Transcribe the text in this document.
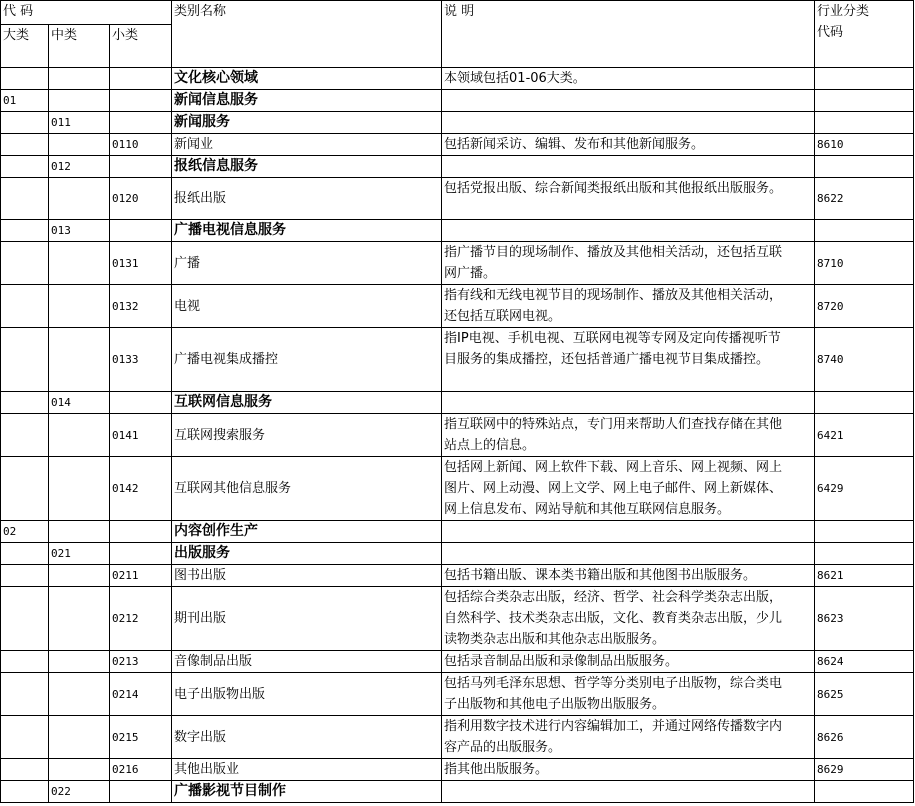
代 码			类别名称	说 明	行业分类
代码

大类	中类	小类			
			文化核心领域	本领域包括01-06大类。	

01			新闻信息服务		
	011		新闻服务		
		0110	新闻业	包括新闻采访、编辑、发布和其他新闻服务。	8610
	012		报纸信息服务		
		0120	报纸出版	包括党报出版、综合新闻类报纸出版和其他报纸出版服务。	8622
	013		广播电视信息服务		
		0131	广播	指广播节目的现场制作、播放及其他相关活动，还包括互联
网广播。	8710
		0132	电视	指有线和无线电视节目的现场制作、播放及其他相关活动，
还包括互联网电视。	8720
		0133	广播电视集成播控	指IP电视、手机电视、互联网电视等专网及定向传播视听节
目服务的集成播控，还包括普通广播电视节目集成播控。	8740
	014		互联网信息服务		
		0141	互联网搜索服务	指互联网中的特殊站点，专门用来帮助人们查找存储在其他
站点上的信息。	6421
		0142	互联网其他信息服务	包括网上新闻、网上软件下载、网上音乐、网上视频、网上
图片、网上动漫、网上文学、网上电子邮件、网上新媒体、
网上信息发布、网站导航和其他互联网信息服务。	6429
02			内容创作生产		
	021		出版服务		
		0211	图书出版	包括书籍出版、课本类书籍出版和其他图书出版服务。	8621
		0212	期刊出版	包括综合类杂志出版，经济、哲学、社会科学类杂志出版，
自然科学、技术类杂志出版，文化、教育类杂志出版，少儿
读物类杂志出版和其他杂志出版服务。	8623
		0213	音像制品出版	包括录音制品出版和录像制品出版服务。	8624
		0214	电子出版物出版	包括马列毛泽东思想、哲学等分类别电子出版物，综合类电
子出版物和其他电子出版物出版服务。	8625
		0215	数字出版	指利用数字技术进行内容编辑加工，并通过网络传播数字内
容产品的出版服务。	8626
		0216	其他出版业	指其他出版服务。	8629
	022		广播影视节目制作		
